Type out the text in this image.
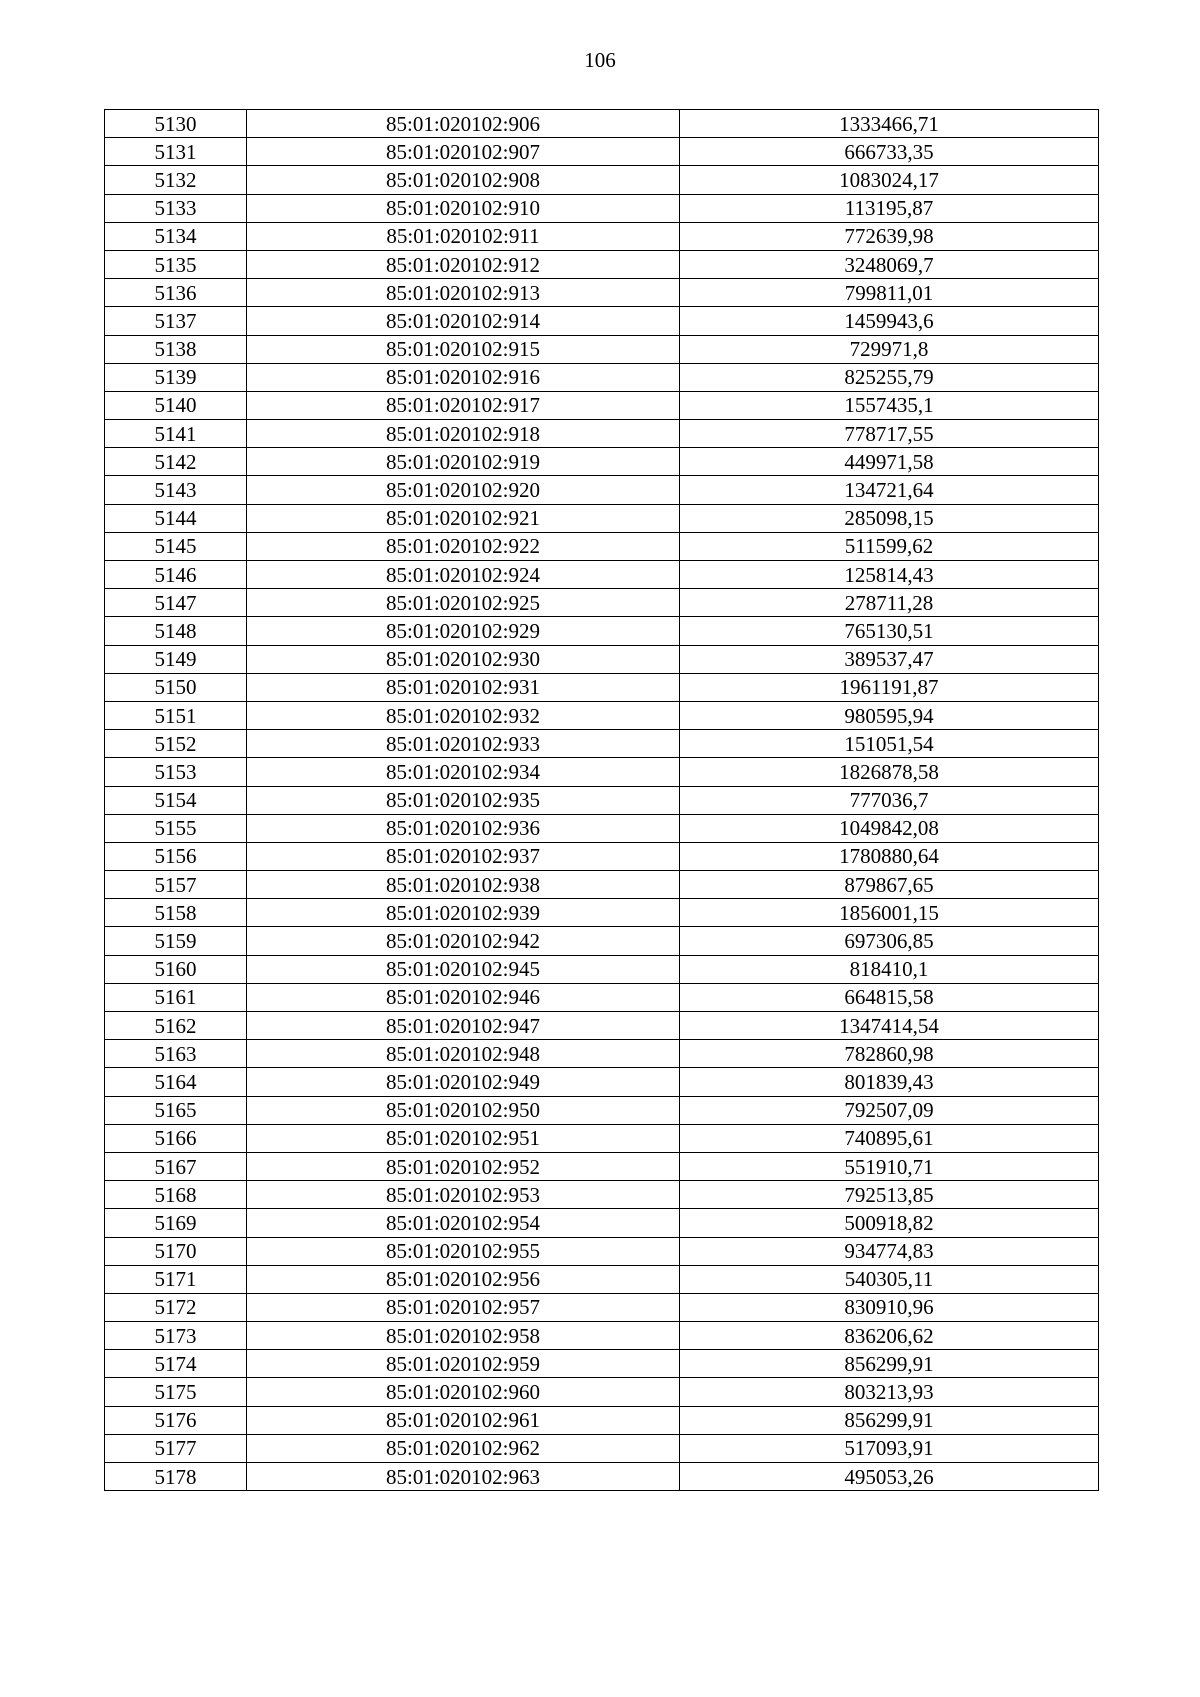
106
5130	85:01:020102:906	1333466,71
5131	85:01:020102:907	666733,35
5132	85:01:020102:908	1083024,17
5133	85:01:020102:910	113195,87
5134	85:01:020102:911	772639,98
5135	85:01:020102:912	3248069,7
5136	85:01:020102:913	799811,01
5137	85:01:020102:914	1459943,6
5138	85:01:020102:915	729971,8
5139	85:01:020102:916	825255,79
5140	85:01:020102:917	1557435,1
5141	85:01:020102:918	778717,55
5142	85:01:020102:919	449971,58
5143	85:01:020102:920	134721,64
5144	85:01:020102:921	285098,15
5145	85:01:020102:922	511599,62
5146	85:01:020102:924	125814,43
5147	85:01:020102:925	278711,28
5148	85:01:020102:929	765130,51
5149	85:01:020102:930	389537,47
5150	85:01:020102:931	1961191,87
5151	85:01:020102:932	980595,94
5152	85:01:020102:933	151051,54
5153	85:01:020102:934	1826878,58
5154	85:01:020102:935	777036,7
5155	85:01:020102:936	1049842,08
5156	85:01:020102:937	1780880,64
5157	85:01:020102:938	879867,65
5158	85:01:020102:939	1856001,15
5159	85:01:020102:942	697306,85
5160	85:01:020102:945	818410,1
5161	85:01:020102:946	664815,58
5162	85:01:020102:947	1347414,54
5163	85:01:020102:948	782860,98
5164	85:01:020102:949	801839,43
5165	85:01:020102:950	792507,09
5166	85:01:020102:951	740895,61
5167	85:01:020102:952	551910,71
5168	85:01:020102:953	792513,85
5169	85:01:020102:954	500918,82
5170	85:01:020102:955	934774,83
5171	85:01:020102:956	540305,11
5172	85:01:020102:957	830910,96
5173	85:01:020102:958	836206,62
5174	85:01:020102:959	856299,91
5175	85:01:020102:960	803213,93
5176	85:01:020102:961	856299,91
5177	85:01:020102:962	517093,91
5178	85:01:020102:963	495053,26
